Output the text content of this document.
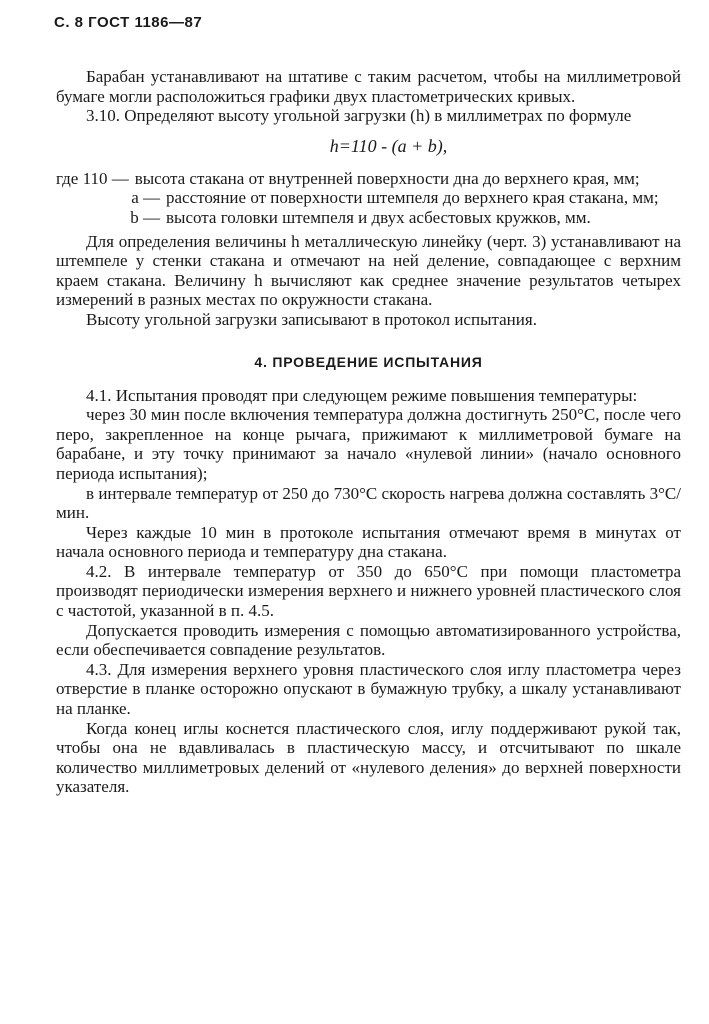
С. 8 ГОСТ 1186—87

Барабан устанавливают на штативе с таким расчетом, чтобы на миллиметровой бумаге могли расположиться графики двух пластометрических кривых.

3.10. Определяют высоту угольной загрузки (h) в миллиметрах по формуле

h=110 - (a + b),
где 110 — высота стакана от внутренней поверхности дна до верхнего края, мм;
a — расстояние от поверхности штемпеля до верхнего края стакана, мм;
b — высота головки штемпеля и двух асбестовых кружков, мм.

Для определения величины h металлическую линейку (черт. 3) устанавливают на штемпеле у стенки стакана и отмечают на ней деление, совпадающее с верхним краем стакана. Величину h вычисляют как среднее значение результатов четырех измерений в разных местах по окружности стакана.

Высоту угольной загрузки записывают в протокол испытания.

4. ПРОВЕДЕНИЕ ИСПЫТАНИЯ

4.1. Испытания проводят при следующем режиме повышения температуры:

через 30 мин после включения температура должна достигнуть 250°С, после чего перо, закрепленное на конце рычага, прижимают к миллиметровой бумаге на барабане, и эту точку принимают за начало «нулевой линии» (начало основного периода испытания);

в интервале температур от 250 до 730°С скорость нагрева должна составлять 3°С/мин.

Через каждые 10 мин в протоколе испытания отмечают время в минутах от начала основного периода и температуру дна стакана.

4.2. В интервале температур от 350 до 650°С при помощи пластометра производят периодически измерения верхнего и нижнего уровней пластического слоя с частотой, указанной в п. 4.5.

Допускается проводить измерения с помощью автоматизированного устройства, если обеспечивается совпадение результатов.

4.3. Для измерения верхнего уровня пластического слоя иглу пластометра через отверстие в планке осторожно опускают в бумажную трубку, а шкалу устанавливают на планке.

Когда конец иглы коснется пластического слоя, иглу поддерживают рукой так, чтобы она не вдавливалась в пластическую массу, и отсчитывают по шкале количество миллиметровых делений от «нулевого деления» до верхней поверхности указателя.
